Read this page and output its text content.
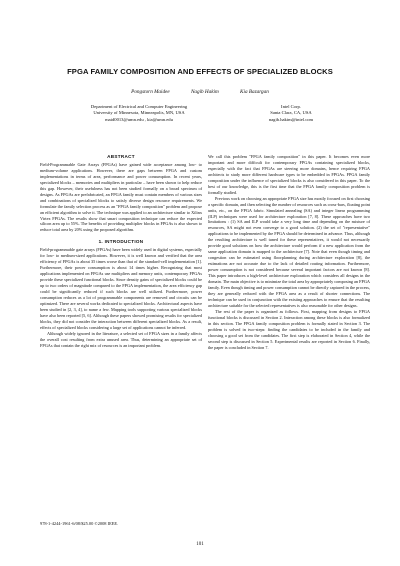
FPGA FAMILY COMPOSITION AND EFFECTS OF SPECIALIZED BLOCKS
Pongstorn Maidee	Nagib Hakim	Kia Bazargan
Department of Electrical and Computer Engineering
University of Minnesota, Minneapolis, MN, USA
maid0013@umn.edu , kia@umn.edu
Intel Corp.
Santa Clara, CA, USA
nagib.hakim@intel.com
ABSTRACT

Field-Programmable Gate Arrays (FPGAs) have gained wide acceptance among low- to medium-volume applications. However, there are gaps between FPGA and custom implementations in terms of area, performance and power consumption. In recent years, specialized blocks – memories and multipliers in particular – have been shown to help reduce this gap. However, their usefulness has not been studied formally on a broad spectrum of designs. As FPGAs are prefabricated, an FPGA family must contain members of various sizes and combinations of specialized blocks to satisfy diverse design resource requirements. We formulate the family selection process as an "FPGA family composition" problem and propose an efficient algorithm to solve it. The technique was applied to an architecture similar to Xilinx Virtex FPGAs. The results show that smart composition technique can reduce the expected silicon area up to 55%. The benefits of providing multiplier blocks in FPGAs is also shown to reduce total area by 20% using the proposed algorithm.

1. INTRODUCTION

Field-programmable gate arrays (FPGAs) have been widely used in digital systems, especially for low- to medium-sized applications. However, it is well known and verified that the area efficiency of FPGAs is about 35 times worse than that of the standard-cell implementation [1]. Furthermore, their power consumption is about 14 times higher. Recognizing that most applications implemented on FPGAs use multipliers and memory units, contemporary FPGAs provide these specialized functional blocks. Since density gains of specialized blocks could be up to two orders of magnitude compared to the FPGA implementation, the area efficiency gap could be significantly reduced if such blocks are well utilized. Furthermore, power consumption reduces as a lot of programmable components are removed and circuits can be optimized. There are several works dedicated to specialized blocks. Architectural aspects have been studied in [2, 3, 4], to name a few. Mapping tools supporting various specialized blocks have also been reported [5, 6]. Although these papers showed promising results for specialized blocks, they did not consider the interaction between different specialized blocks. As a result, effects of specialized blocks considering a large set of applications cannot be inferred.

Although widely ignored in the literature, a selected set of FPGA sizes in a family affects the overall cost resulting from extra unused area. Thus, determining an appropriate set of FPGAs that contain the right mix of resources is an important problem.

We call this problem "FPGA family composition" in this paper. It becomes even more important and more difficult for contemporary FPGAs containing specialized blocks, especially with the fact that FPGAs are steering more domains, hence requiring FPGA architects to study more different hardware types to be embedded in FPGAs. FPGA family composition under the influence of specialized blocks is also considered in this paper. To the best of our knowledge, this is the first time that the FPGA family composition problem is formally studied.

Previous work on choosing an appropriate FPGA size has mostly focused on first choosing a specific domain, and then selecting the number of resources such as cross-bars, floating point units, etc., on the FPGA fabric. Simulated annealing (SA) and integer linear programming (ILP) techniques were used for architecture exploration [7, 8]. These approaches have two limitations : (1) SA and ILP would take a very long time and depending on the mixture of resources, SA might not even converge to a good solution. (2) the set of "representative" applications to be implemented by the FPGA should be determined in advance. Thus, although the resulting architecture is well tuned for these representatives, it would not necessarily provide good solutions on how the architecture would perform if a new application from the same application domain is mapped to the architecture [7]. Note that even though timing and congestion can be estimated using floorplanning during architecture exploration [8], the estimations are not accurate due to the lack of detailed routing information. Furthermore, power consumption is not considered because several important factors are not known [8]. This paper introduces a high-level architecture exploration which considers all designs in the domain. The main objective is to minimize the total area by appropriately composing an FPGA family. Even though timing and power consumption cannot be directly captured in the process, they are generally reduced with the FPGA area as a result of shorter connections. The technique can be used in conjunction with the existing approaches to ensure that the resulting architecture suitable for the selected representatives is also reasonable for other designs.

The rest of the paper is organized as follows. First, mapping from designs to FPGA functional blocks is discussed in Section 2. Interaction among these blocks is also formalized in this section. The FPGA family composition problem is formally stated in Section 3. The problem is solved in two-steps: finding the candidates to be included in the family and choosing a good set from the candidates. The first step is elaborated in Section 4, while the second step is discussed in Section 5. Experimental results are reported in Section 6. Finally, the paper is concluded in Section 7.

978-1-4244-1961-6/08/$25.00 ©2008 IEEE.
101
